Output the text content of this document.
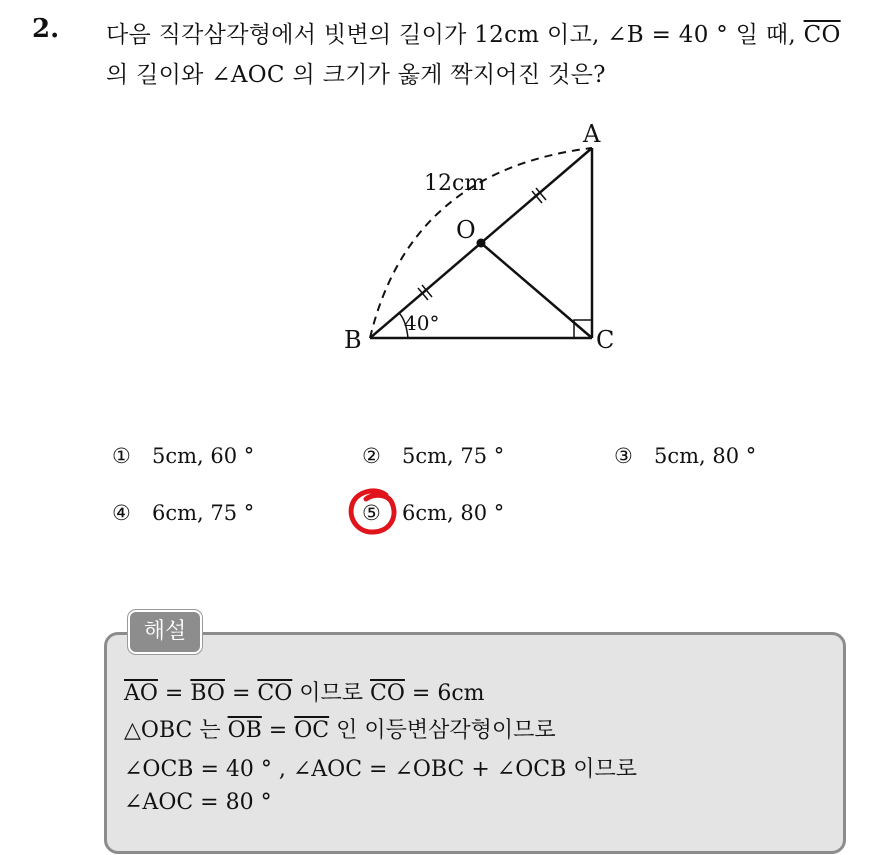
2. 다음 직각삼각형에서 빗변의 길이가 12cm 이고, ∠B = 40 ° 일 때, $\overline{CO}$
의 길이와 ∠AOC 의 크기가 옳게 짝지어진 것은?
A
B	C
O
12cm
40°
① 5cm, 60 °	② 5cm, 75 °	③ 5cm, 80 °
④ 6cm, 75 °	⑤ 6cm, 80 °
해설
$\overline{AO} = \overline{BO} = \overline{CO}$ 이므로 $\overline{CO} = 6cm$
△OBC 는 $\overline{OB} = \overline{OC}$ 인 이등변삼각형이므로
∠OCB = 40 ° , ∠AOC = ∠OBC + ∠OCB 이므로
∠AOC = 80 °
